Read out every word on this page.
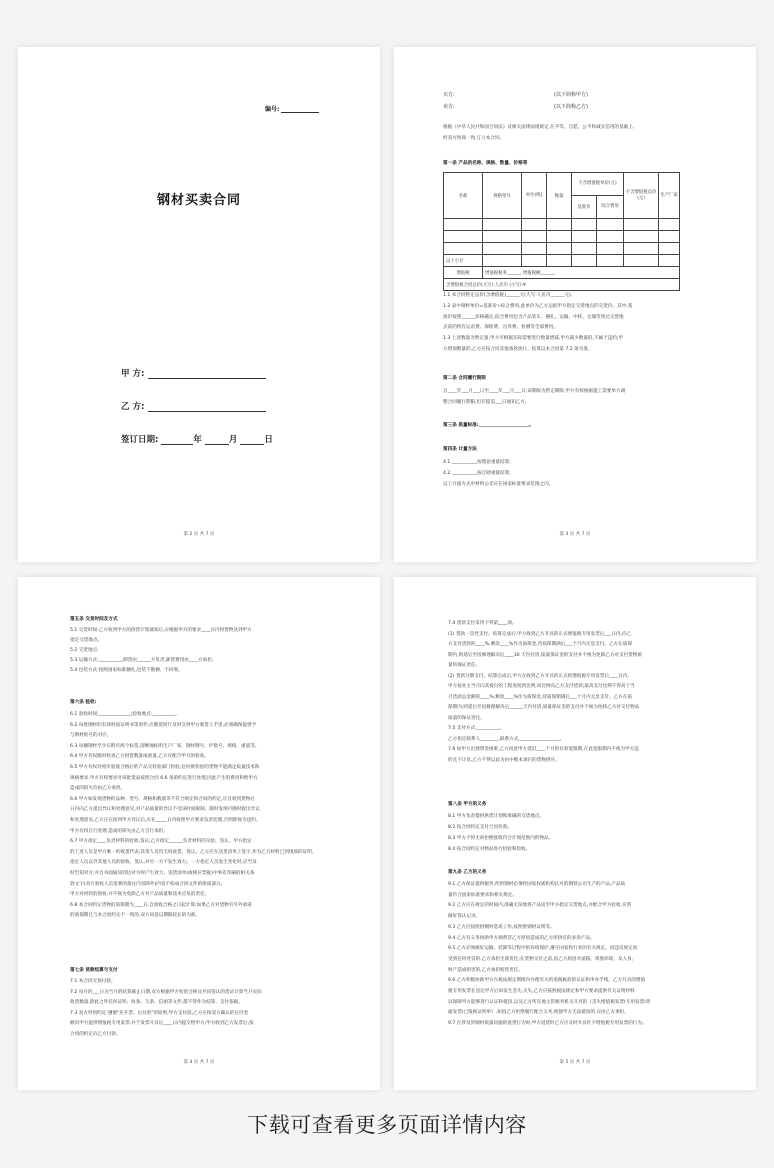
编号:
钢材买卖合同
甲 方:
乙 方:
签订日期:	年	月	日
第 2 页 共 7 页
买方:	(以下简称甲方)
卖方:	(以下简称乙方)
根据《中华人民共和国合同法》及相关法律法规规定,在平等、自愿、公平和诚实信用的基础上,
经双方协商一致,订立本合同。
第一条 产品的名称、规格、数量、价格等
名称	规格型号	单位(吨)	数量	不含增值税单价(元)		不含增值税总价(元)	生产厂家
				基准价	综合费用		

以上小计							
增值税	增值税税率______, 增值税额______。						
含增值税合同总价(大写):人民币 (小写):¥							
1.1 本合同暂定总价(含增值税)______元(大写:人民币______元)。
1.2 表中钢材单价=基准价+综合费用,此单价为乙方运抵甲方指定交货地点的交货价。其中,基
准价按照______价格确定,综合费用包含产品装车、捆扎、运输、中转、仓储等到达交货地
点前的所有运杂费、保险费、出库费、检测等全部费用。
1.3 上述数量为暂定量,甲方可根据实际需要进行数量增减,甲方减少数量的,不属于违约;甲
方增加数量的,乙方应按合同其他条款执行。结算以本合同第 7.2 条为准。
第二条 合同履行期限
自____年___月___日至____年___月___日;该期限为暂定期限,甲方有权根据施工需要单方调
整合同履行期限,但应提前___日通知乙方。
第三条 质量标准:______________________。
第四条 计量方法
4.1 ___________按理论重量结算;
4.2 ___________按过磅重量结算;
以上计量方式中材料公差应在国家标准要求范围之内。
第 3 页 共 7 页
第五条 交货时间及方式
5.1 交货时间:乙方收到甲方的供货计划通知后,应根据甲方的要求____日内将货物送到甲方
指定交货地点。
5.2 交货地点:
5.3 运输方式:__________,卸货由______方负责,卸货费用由____方承担。
5.4 包装方式:按照国家标准捆扎,包装不散捆、不回收。
第六条 验收:
6.1 验收时间:______________;验收地点:__________。
6.2 每批钢材的有效材质证明书等原件,应随货同行及时交到甲方收货人手里,必须确保提供予
与钢材批号的对应。
6.3 每捆钢材至少应附有两个标签,清晰地标明生产厂家、钢材牌号、炉批号、规格、重量等。
6.4 甲方有权随时检查乙方供货数量或重量,乙方应配合甲方的检查。
6.5 甲方有权对初步验收合格后的产品交检验部门检验,任何被检验的货物不能满足质量技术和
规格要求,甲方有权要求对该批货品按照合同 6.6 条的约定进行处理,因此产生的费用和给甲方
造成的损失均由乙方承担。
6.6 甲方如发现货物的品种、型号、规格和数量等不符合规定和合同的约定,应自收到货物后
日内向乙方提出异议和处理意见,对产品质量的异议不受该时间限制。随时发现可随时提出异议
和处理意见,乙方应在接到甲方异议后,应在_____日内按照甲方要求负责处理,否则即视为违约,
甲方有权自行处理,造成的损失由乙方自行承担。
6.7 甲方指定____负责材料的验收,签认;乙方指定______负责材料的交验、签认。甲方指定
的上述人员是甲方唯一的收货代表,其余人员均无权收货、签认。乙方应在送货清单上签字,作为乙方材料已到现场的证明,
指定人员以外其他人员的验收、签认,对另一方不发生效力。一方指定人员发生变化时,应当及
时告知对方;并自书面通知到达对方时产生效力。送货清单(或相应票据)中事先印刷的相关条
款文字(双方验收人员签署的备注内容除外)内容不构成合同文件的组成部分。
甲方对材料的验收,并不视为免除乙方对产品质量和技术应负的责任。
6.8 本合同约定货物的质保期为____日,自验收合格之日起计算;如果乙方对货物有另外承诺
的质保期且与本合同约定不一致的,双方同意以期限较长的为准。
第七条 货款结算与支付
7.1 本合同无预付款。
7.2 每月的___日为当月的结算截止日期,双方根据甲方检验合格及共同签认的货证计算当月实际
收货数量,除此之外任何证明、收条、欠条、信函等文件,都不得作为结算、支付依据。
7.3 双方特别约定:遵循"先开票、后付款"的原则,甲方支付前,乙方应按双方确认的应付金
额向甲方提供增值税专用发票,并于发票开具后____日内提交给甲方;甲方收到乙方发票后,按
合同的约定向乙方付款。
第 4 页 共 7 页
7.4 货款支付采用下列第____项。
(1) 货款一次性支付。结算完成后,甲方收到乙方开具的正式增值税专用发票后___日内,向乙
方支付货款的____%,剩余____%作为质保金,待质保期满后___个月内无息支付。乙方在质保
期内,则延后至因修理解决后____30 天内付清,质量保证金的支付并不视为免除乙方对支付货物质
量的保证责任。
(2) 货款分期支付。结算完成后,甲方在收到乙方开具的正式的增值税专用发票后____日内,
甲方按业主当月向其拨付的工程进度款比例,同比例向乙方支付货款;最高支付比例不得高于当
月货款总金额的____%,剩余____%作为质保金,待质保期满后___个月内无息支付。乙方在质
保期内,则延后至因修理解决后______天内付清,质量保证金的支付并不视为免除乙方对交付物品
质量的保证责任。
7.5 支付方式:__________。
乙方指定联系人________,联系方式__________________。
7.6 如甲方出现资金困难,乙方同意甲方延迟____个月的付款宽限期,在此宽限期内不视为甲方违
约且不计息,乙方不得以此为由中断本项目的货物供应。
第八条 甲方的义务
8.1 甲方负责提供供货计划和准确的交货地点。
8.2 按合同约定支付合同价款。
8.3 甲方不得无故拒绝接收符合计划范围内的物品。
8.4 按合同约定对物品进行检验和验收。
第九条 乙方的义务
9.1 乙方保证提供服务,所供钢材必须经国家权威机构认可的钢铁公司生产的产品,产品质
量符合国家标准要求和相关规定。
9.2 乙方应在规定的时间内,准确无误地将产品送至甲方指定交货地点,并配合甲方验收,实到
做好签认记录。
9.3 乙方应按照供钢材选场工作,按照供钢材证明等。
9.4 乙方有义务协助甲方调剂非乙方原因造成的乙方所供应的多余产品。
9.5 乙方必须做好运输、装卸等过程中的环境保护,遵守国家和行业的有关规定。因违反规定而
受到任何处罚的,乙方承担全部责任;在货物交付之前,因乙方原因对道路、周围环境、及人身、
财产造成损害的,乙方承担赔偿责任。
9.6 乙方积极协助甲方在税法规定期限内办理有关的退税税款的认证和申办手续。乙方开具的增值
税专用发票在送达甲方后如发生丢失,灭失,乙方应按照税法规定和甲方要求提供有关证明材料
以保障甲方能够进行认证和抵扣,以及乙方所在地主管税务机关开具的《丢失增值税发票(专用发票/普
通发票)已报税证明单》,如因乙方拒绝履行配合义务,致使甲方无法抵扣的,应由乙方承担。
9.7 在涉及到钢材质量问题的退货行为时,甲方退货时乙方应及时开具红字增值税专用发票的行为。
第 5 页 共 7 页
下载可查看更多页面详情内容
